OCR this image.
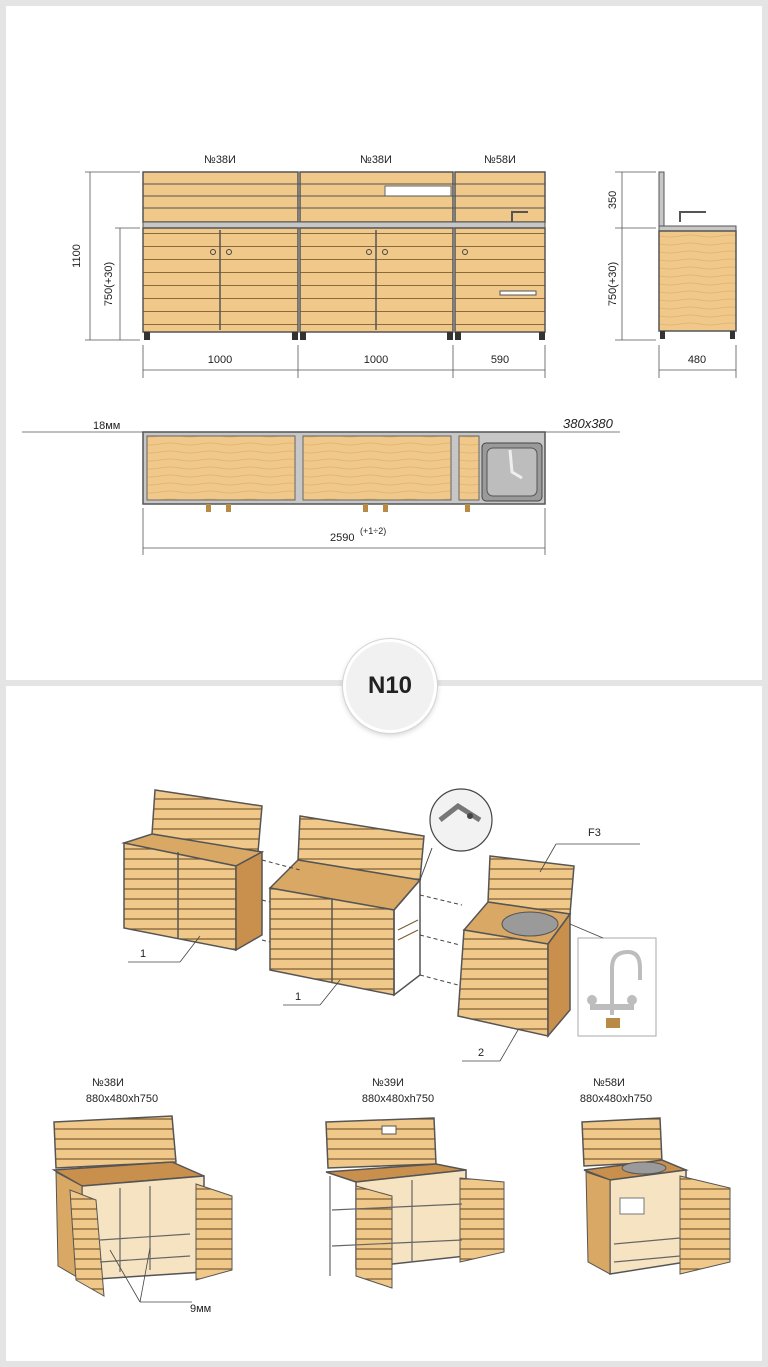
№38И	№38И	№58И
1100
750(+30)
1000	1000	590
350
750(+30)
480
18мм	380x380
2590
(+1÷2)
1
1
2
F3
№38И
880x480xh750
9мм
№39И
880x480xh750
№58И
880x480xh750
N10
